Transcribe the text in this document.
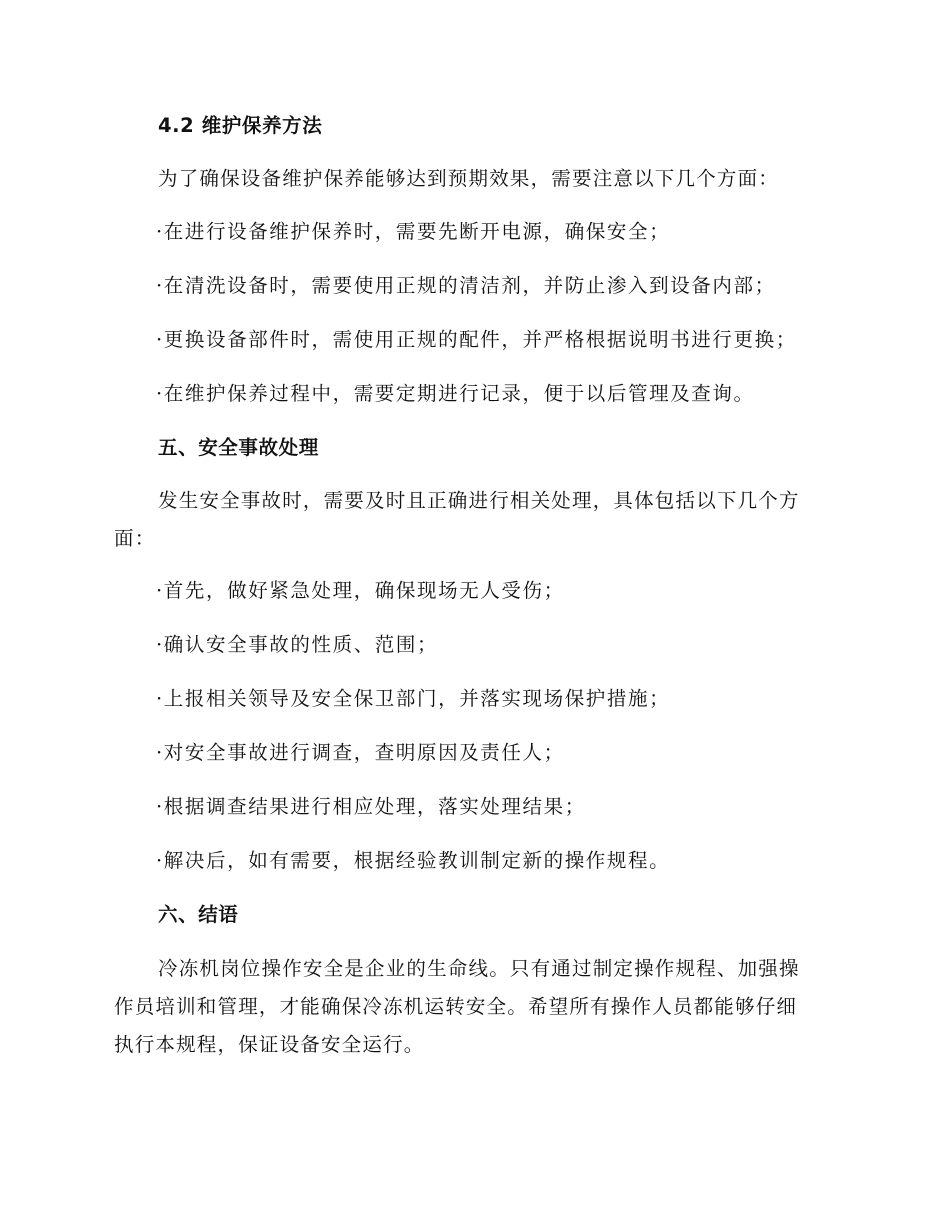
4.2 维护保养方法
为了确保设备维护保养能够达到预期效果，需要注意以下几个方面：
·在进行设备维护保养时，需要先断开电源，确保安全；
·在清洗设备时，需要使用正规的清洁剂，并防止渗入到设备内部；
·更换设备部件时，需使用正规的配件，并严格根据说明书进行更换；
·在维护保养过程中，需要定期进行记录，便于以后管理及查询。
五、安全事故处理
发生安全事故时，需要及时且正确进行相关处理，具体包括以下几个方
面：
·首先，做好紧急处理，确保现场无人受伤；
·确认安全事故的性质、范围；
·上报相关领导及安全保卫部门，并落实现场保护措施；
·对安全事故进行调查，查明原因及责任人；
·根据调查结果进行相应处理，落实处理结果；
·解决后，如有需要，根据经验教训制定新的操作规程。
六、结语
冷冻机岗位操作安全是企业的生命线。只有通过制定操作规程、加强操
作员培训和管理，才能确保冷冻机运转安全。希望所有操作人员都能够仔细
执行本规程，保证设备安全运行。
